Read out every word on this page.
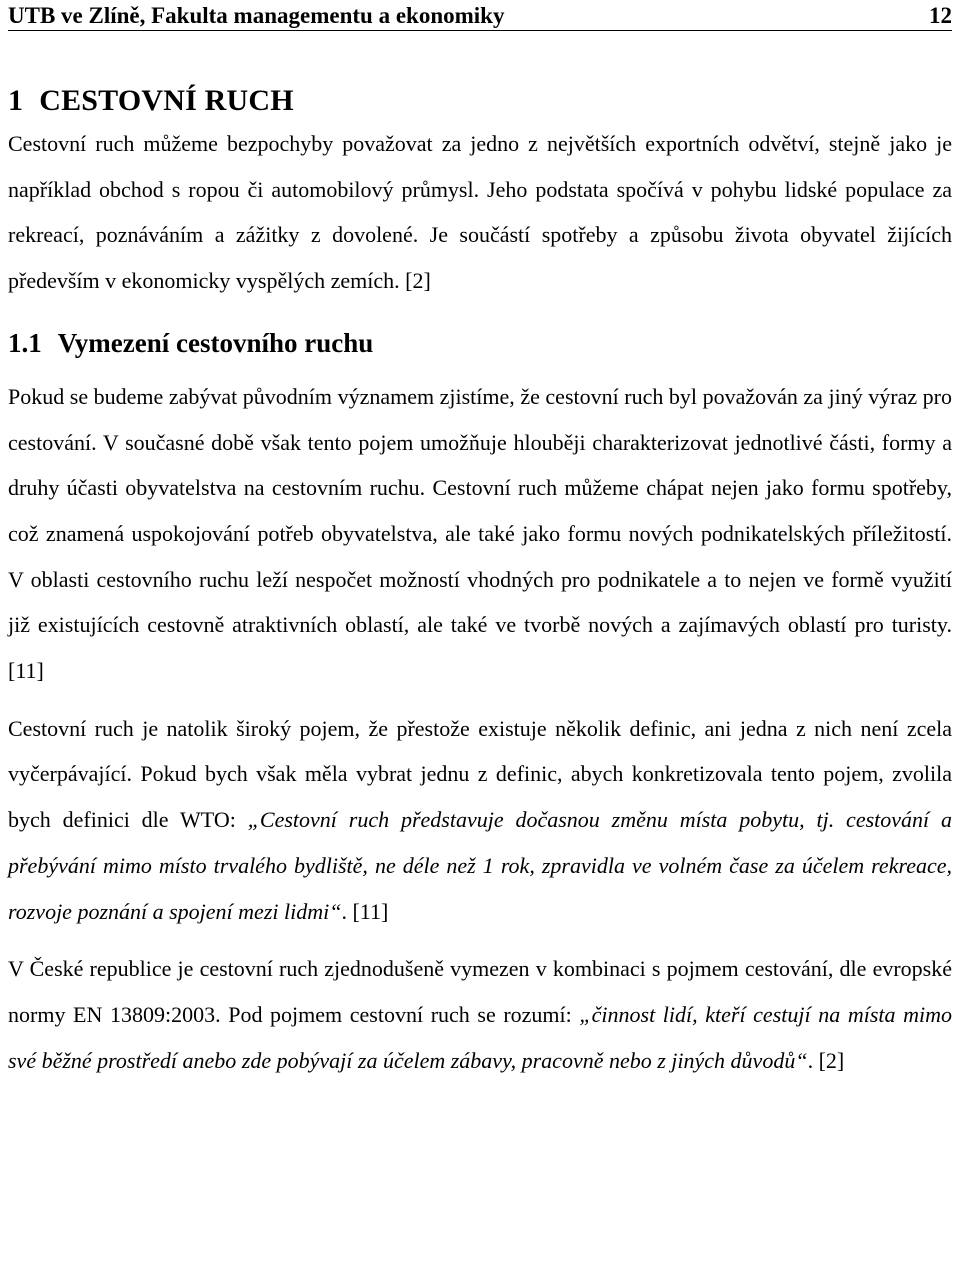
UTB ve Zlíně, Fakulta managementu a ekonomiky	12
1 CESTOVNÍ RUCH

Cestovní ruch můžeme bezpochyby považovat za jedno z největších exportních odvětví, stejně jako je například obchod s ropou či automobilový průmysl. Jeho podstata spočívá v pohybu lidské populace za rekreací, poznáváním a zážitky z dovolené. Je součástí spotřeby a způsobu života obyvatel žijících především v ekonomicky vyspělých zemích. [2]

1.1 Vymezení cestovního ruchu

Pokud se budeme zabývat původním významem zjistíme, že cestovní ruch byl považován za jiný výraz pro cestování. V současné době však tento pojem umožňuje hlouběji charakterizovat jednotlivé části, formy a druhy účasti obyvatelstva na cestovním ruchu. Cestovní ruch můžeme chápat nejen jako formu spotřeby, což znamená uspokojování potřeb obyvatelstva, ale také jako formu nových podnikatelských příležitostí. V oblasti cestovního ruchu leží nespočet možností vhodných pro podnikatele a to nejen ve formě využití již existujících cestovně atraktivních oblastí, ale také ve tvorbě nových a zajímavých oblastí pro turisty. [11]

Cestovní ruch je natolik široký pojem, že přestože existuje několik definic, ani jedna z nich není zcela vyčerpávající. Pokud bych však měla vybrat jednu z definic, abych konkretizovala tento pojem, zvolila bych definici dle WTO: „Cestovní ruch představuje dočasnou změnu místa pobytu, tj. cestování a přebývání mimo místo trvalého bydliště, ne déle než 1 rok, zpravidla ve volném čase za účelem rekreace, rozvoje poznání a spojení mezi lidmi“. [11]

V České republice je cestovní ruch zjednodušeně vymezen v kombinaci s pojmem cestování, dle evropské normy EN 13809:2003. Pod pojmem cestovní ruch se rozumí: „činnost lidí, kteří cestují na místa mimo své běžné prostředí anebo zde pobývají za účelem zábavy, pracovně nebo z jiných důvodů“. [2]
